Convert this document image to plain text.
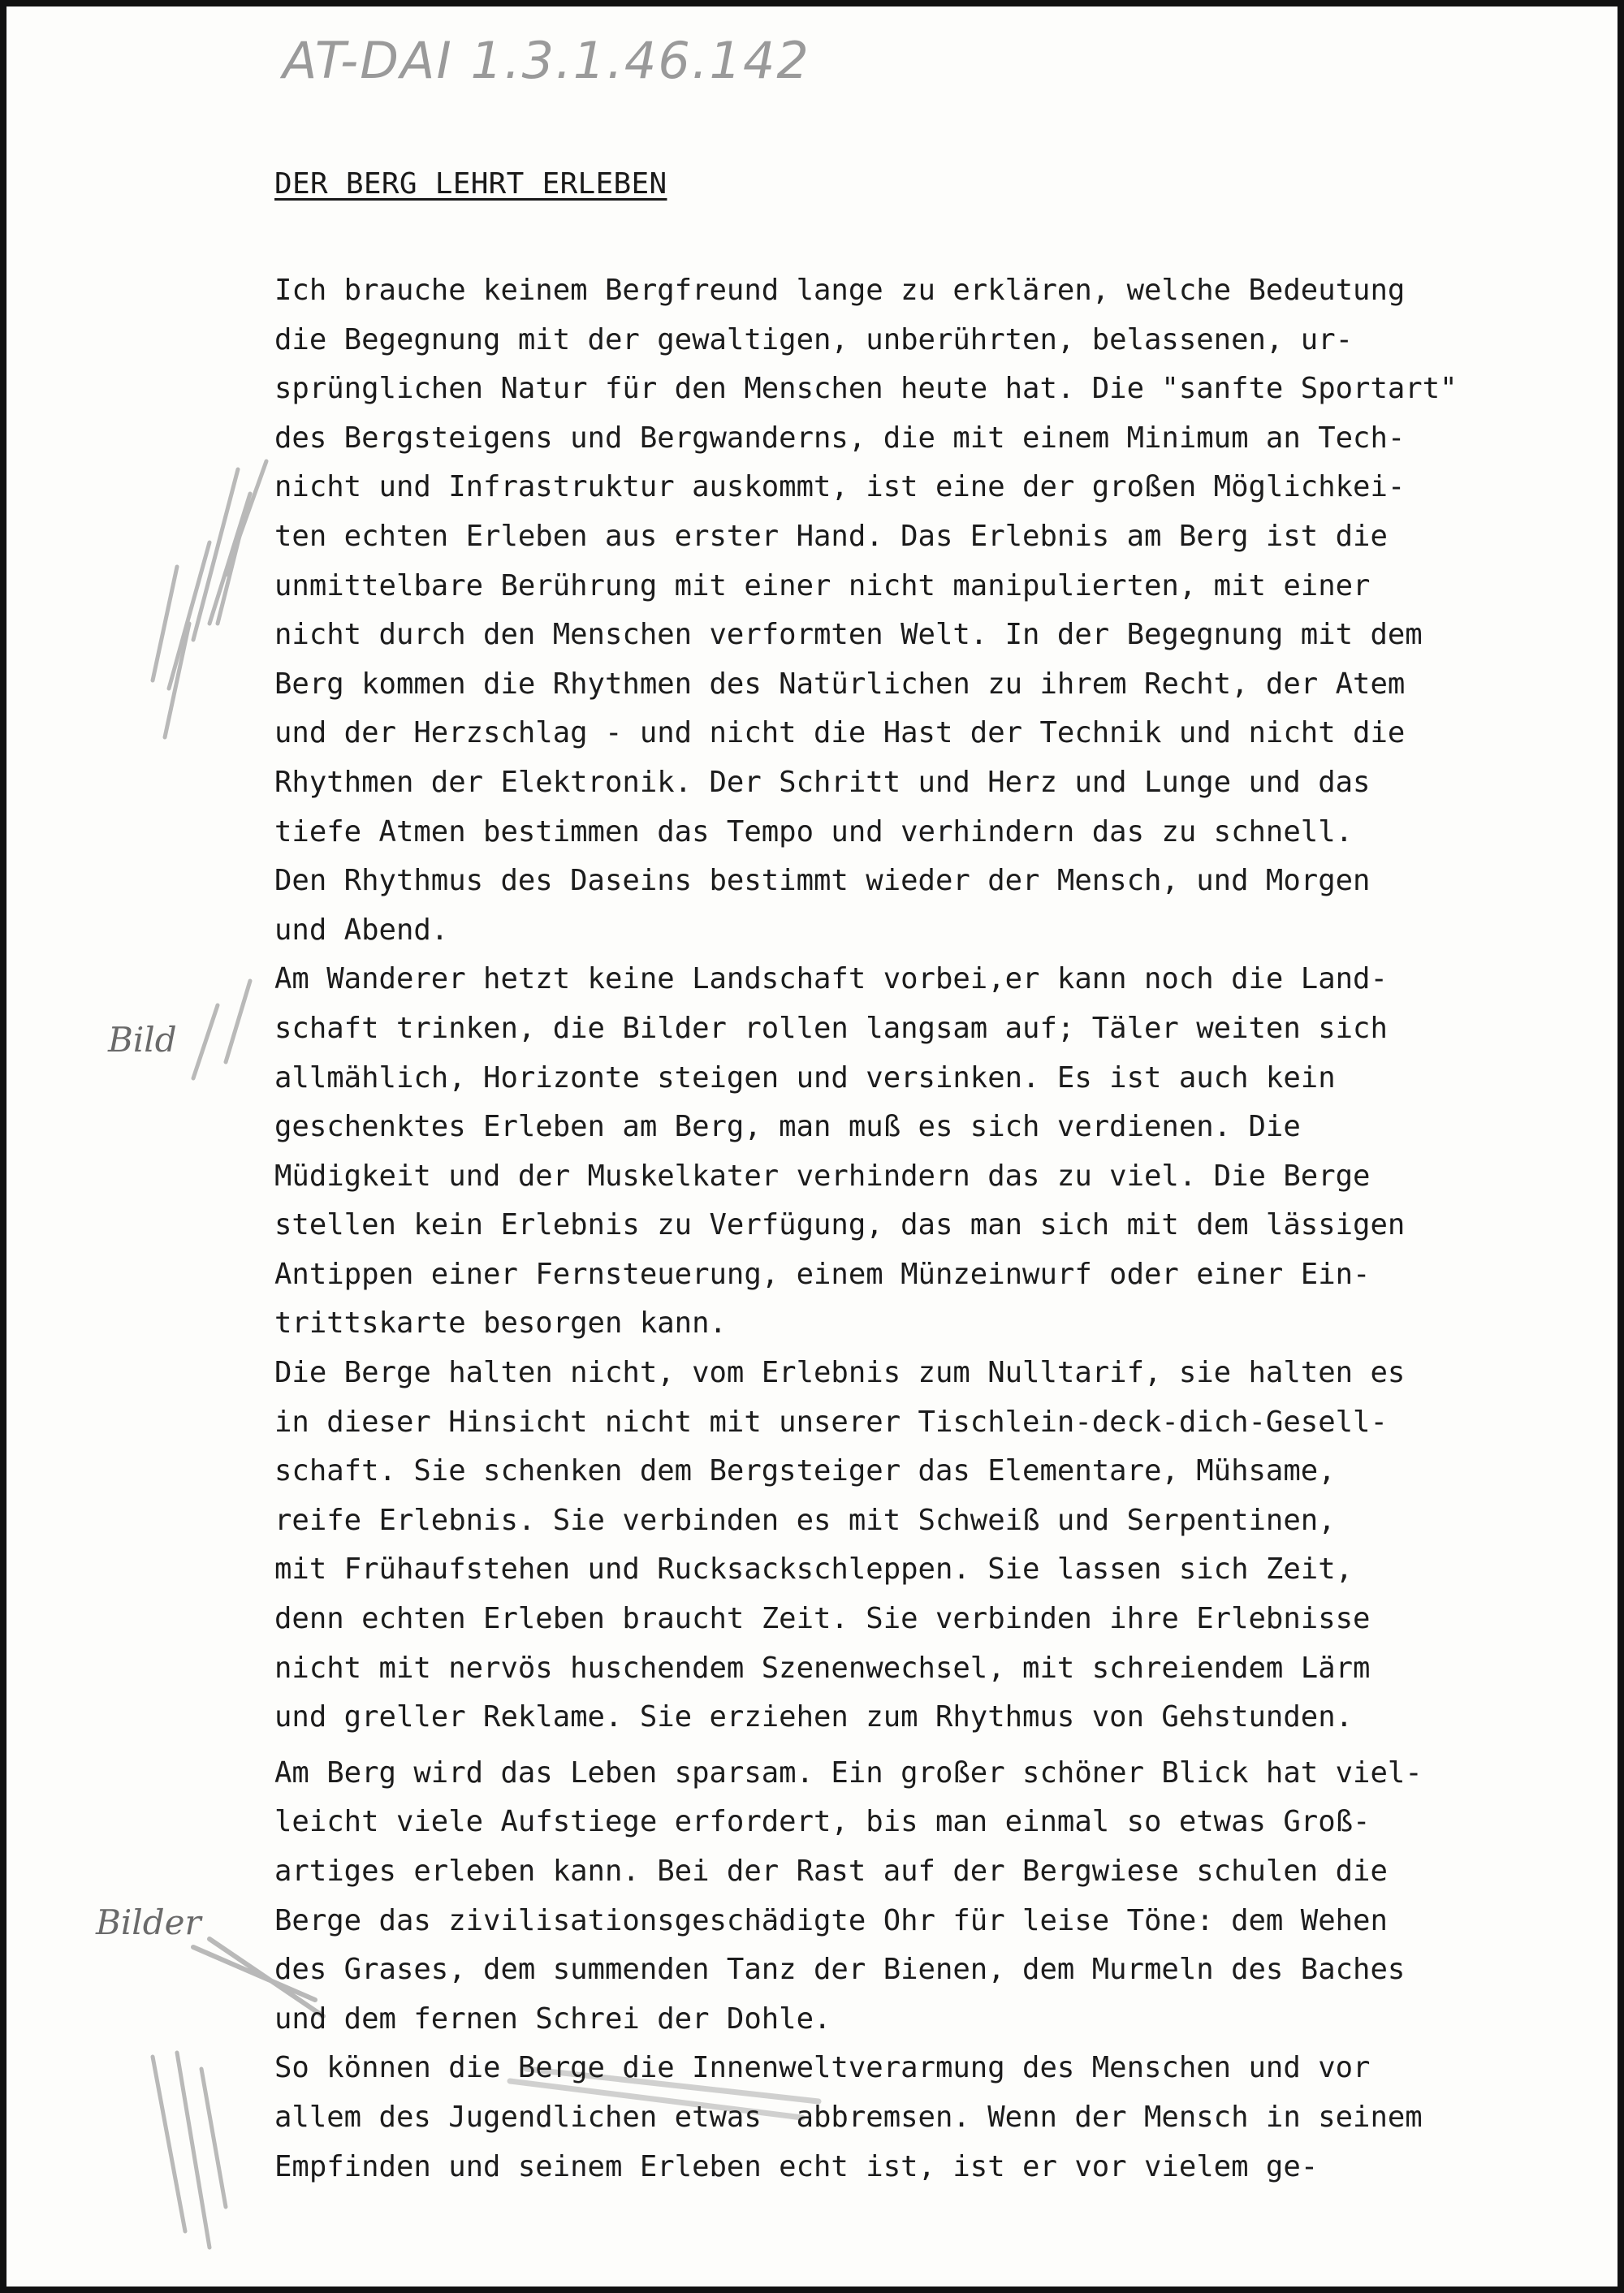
AT-DAI 1.3.1.46.142
DER BERG LEHRT ERLEBEN
Ich brauche keinem Bergfreund lange zu erklären, welche Bedeutung
die Begegnung mit der gewaltigen, unberührten, belassenen, ur-
sprünglichen Natur für den Menschen heute hat. Die "sanfte Sportart"
des Bergsteigens und Bergwanderns, die mit einem Minimum an Tech-
nicht und Infrastruktur auskommt, ist eine der großen Möglichkei-
ten echten Erleben aus erster Hand. Das Erlebnis am Berg ist die
unmittelbare Berührung mit einer nicht manipulierten, mit einer
nicht durch den Menschen verformten Welt. In der Begegnung mit dem
Berg kommen die Rhythmen des Natürlichen zu ihrem Recht, der Atem
und der Herzschlag - und nicht die Hast der Technik und nicht die
Rhythmen der Elektronik. Der Schritt und Herz und Lunge und das
tiefe Atmen bestimmen das Tempo und verhindern das zu schnell.
Den Rhythmus des Daseins bestimmt wieder der Mensch, und Morgen
und Abend.
Am Wanderer hetzt keine Landschaft vorbei,er kann noch die Land-
schaft trinken, die Bilder rollen langsam auf; Täler weiten sich
allmählich, Horizonte steigen und versinken. Es ist auch kein
geschenktes Erleben am Berg, man muß es sich verdienen. Die
Müdigkeit und der Muskelkater verhindern das zu viel. Die Berge
stellen kein Erlebnis zu Verfügung, das man sich mit dem lässigen
Antippen einer Fernsteuerung, einem Münzeinwurf oder einer Ein-
trittskarte besorgen kann.
Die Berge halten nicht, vom Erlebnis zum Nulltarif, sie halten es
in dieser Hinsicht nicht mit unserer Tischlein-deck-dich-Gesell-
schaft. Sie schenken dem Bergsteiger das Elementare, Mühsame,
reife Erlebnis. Sie verbinden es mit Schweiß und Serpentinen,
mit Frühaufstehen und Rucksackschleppen. Sie lassen sich Zeit,
denn echten Erleben braucht Zeit. Sie verbinden ihre Erlebnisse
nicht mit nervös huschendem Szenenwechsel, mit schreiendem Lärm
und greller Reklame. Sie erziehen zum Rhythmus von Gehstunden.
Am Berg wird das Leben sparsam. Ein großer schöner Blick hat viel-
leicht viele Aufstiege erfordert, bis man einmal so etwas Groß-
artiges erleben kann. Bei der Rast auf der Bergwiese schulen die
Berge das zivilisationsgeschädigte Ohr für leise Töne: dem Wehen
des Grases, dem summenden Tanz der Bienen, dem Murmeln des Baches
und dem fernen Schrei der Dohle.
So können die Berge die Innenweltverarmung des Menschen und vor
allem des Jugendlichen etwas  abbremsen. Wenn der Mensch in seinem
Empfinden und seinem Erleben echt ist, ist er vor vielem ge-
Bild
Bilder
